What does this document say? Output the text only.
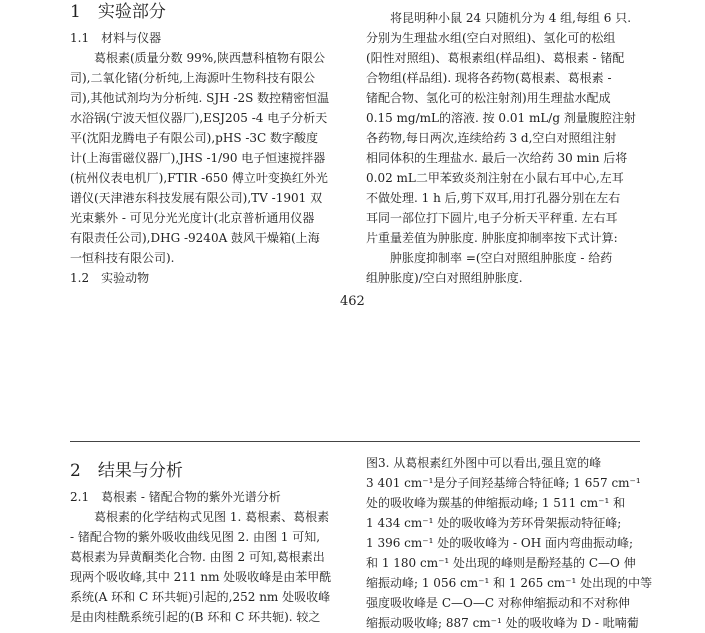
1　实验部分
1.1　材料与仪器
　　葛根素(质量分数 99%,陕西慧科植物有限公
司),二氧化锗(分析纯,上海源叶生物科技有限公
司),其他试剂均为分析纯. SJH -2S 数控精密恒温
水浴锅(宁波天恒仪器厂),ESJ205 -4 电子分析天
平(沈阳龙腾电子有限公司),pHS -3C 数字酸度
计(上海雷磁仪器厂),JHS -1/90 电子恒速搅拌器
(杭州仪表电机厂),FTIR -650 傅立叶变换红外光
谱仪(天津港东科技发展有限公司),TV -1901 双
光束紫外 - 可见分光光度计(北京普析通用仪器
有限责任公司),DHG -9240A 鼓风干燥箱(上海
一恒科技有限公司).
1.2　实验动物
　　将昆明种小鼠 24 只随机分为 4 组,每组 6 只.
分别为生理盐水组(空白对照组)、氢化可的松组
(阳性对照组)、葛根素组(样品组)、葛根素 - 锗配
合物组(样品组). 现将各药物(葛根素、葛根素 -
锗配合物、氢化可的松注射剂)用生理盐水配成
0.15 mg/mL的溶液. 按 0.01 mL/g 剂量腹腔注射
各药物,每日两次,连续给药 3 d,空白对照组注射
相同体积的生理盐水. 最后一次给药 30 min 后将
0.02 mL二甲苯致炎剂注射在小鼠右耳中心,左耳
不做处理. 1 h 后,剪下双耳,用打孔器分别在左右
耳同一部位打下圆片,电子分析天平秤重. 左右耳
片重量差值为肿胀度. 肿胀度抑制率按下式计算:
　　肿胀度抑制率 =(空白对照组肿胀度 - 给药
组肿胀度)/空白对照组肿胀度.
462
2　结果与分析
2.1　葛根素 - 锗配合物的紫外光谱分析
　　葛根素的化学结构式见图 1. 葛根素、葛根素
- 锗配合物的紫外吸收曲线见图 2. 由图 1 可知,
葛根素为异黄酮类化合物. 由图 2 可知,葛根素出
现两个吸收峰,其中 211 nm 处吸收峰是由苯甲酰
系统(A 环和 C 环共轭)引起的,252 nm 处吸收峰
是由肉桂酰系统引起的(B 环和 C 环共轭). 较之
图3. 从葛根素红外图中可以看出,强且宽的峰
3 401 cm⁻¹是分子间羟基缔合特征峰; 1 657 cm⁻¹
处的吸收峰为羰基的伸缩振动峰; 1 511 cm⁻¹ 和
1 434 cm⁻¹ 处的吸收峰为芳环骨架振动特征峰;
1 396 cm⁻¹ 处的吸收峰为 - OH 面内弯曲振动峰;
和 1 180 cm⁻¹ 处出现的峰则是酚羟基的 C—O 伸
缩振动峰; 1 056 cm⁻¹ 和 1 265 cm⁻¹ 处出现的中等
强度吸收峰是 C—O—C 对称伸缩振动和不对称伸
缩振动吸收峰; 887 cm⁻¹ 处的吸收峰为 D - 吡喃葡
